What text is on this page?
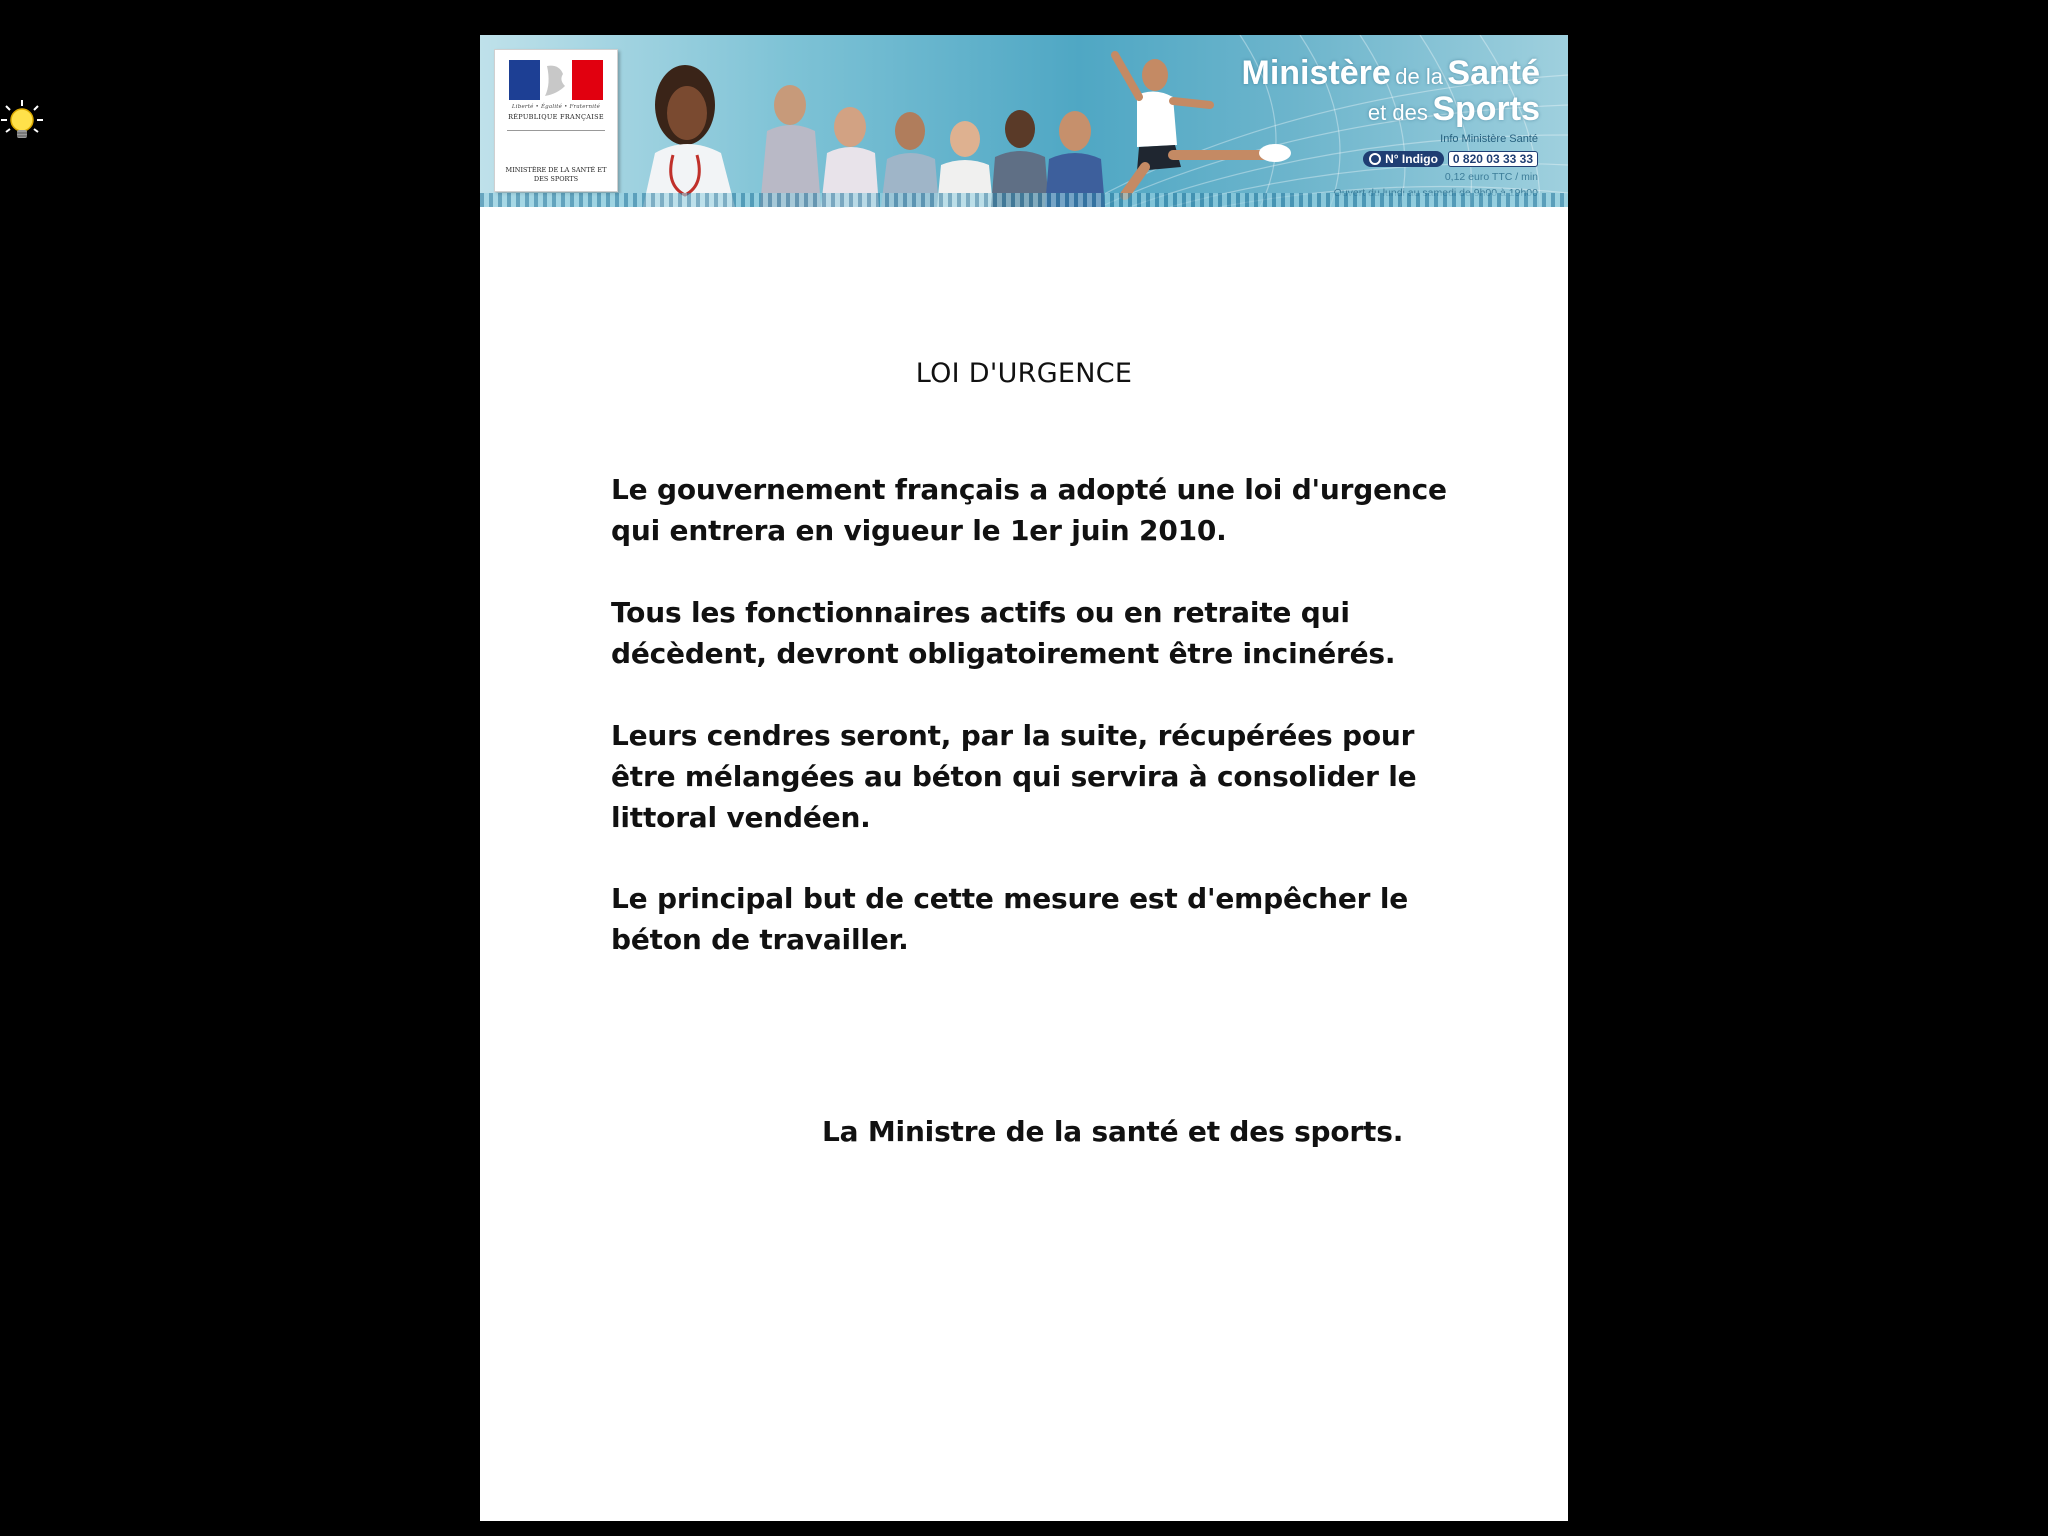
Liberté • Égalité • Fraternité
RÉPUBLIQUE FRANÇAISE
MINISTÈRE DE LA SANTÉ ET DES SPORTS
Ministère de la Santé
et des Sports
Info Ministère Santé
N° Indigo	0 820 03 33 33
0,12 euro TTC / min
LOI D'URGENCE
Le gouvernement français a adopté une loi d'urgence qui entrera en vigueur le 1er juin 2010.
Tous les fonctionnaires actifs ou en retraite qui décèdent, devront obligatoirement être incinérés.
Leurs cendres seront, par la suite, récupérées pour être mélangées au béton qui servira à consolider le littoral vendéen.
Le principal but de cette mesure est d'empêcher le béton de travailler.
La Ministre de la santé et des sports.
